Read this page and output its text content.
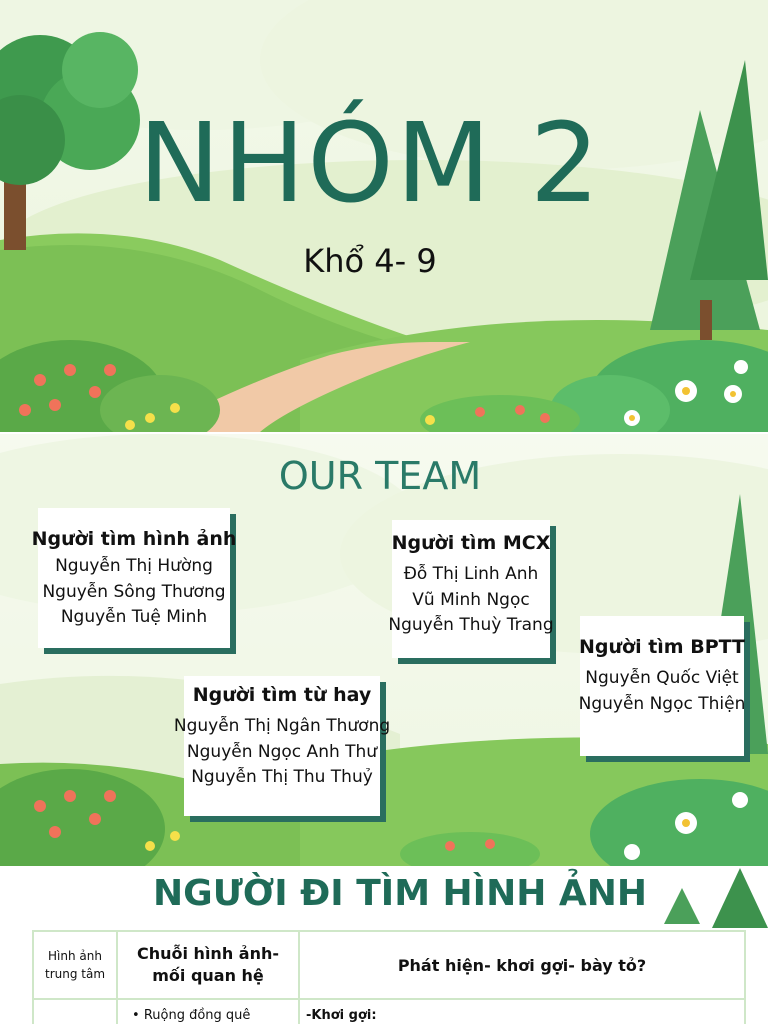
NHÓM 2
Khổ 4- 9
OUR TEAM
Người tìm hình ảnh
Nguyễn Thị Hường
Nguyễn Sông Thương
Nguyễn Tuệ Minh
Người tìm MCX
Đỗ Thị Linh Anh
Vũ Minh Ngọc
Nguyễn Thuỳ Trang
Người tìm BPTT
Nguyễn Quốc Việt
Nguyễn Ngọc Thiện
Người tìm từ hay
Nguyễn Thị Ngân Thương
Nguyễn Ngọc Anh Thư
Nguyễn Thị Thu Thuỷ
NGƯỜI ĐI TÌM HÌNH ẢNH
Hình ảnh trung tâm	Chuỗi hình ảnh- mối quan hệ	Phát hiện- khơi gợi- bày tỏ?
	• Ruộng đồng quê	-Khơi gợi:
